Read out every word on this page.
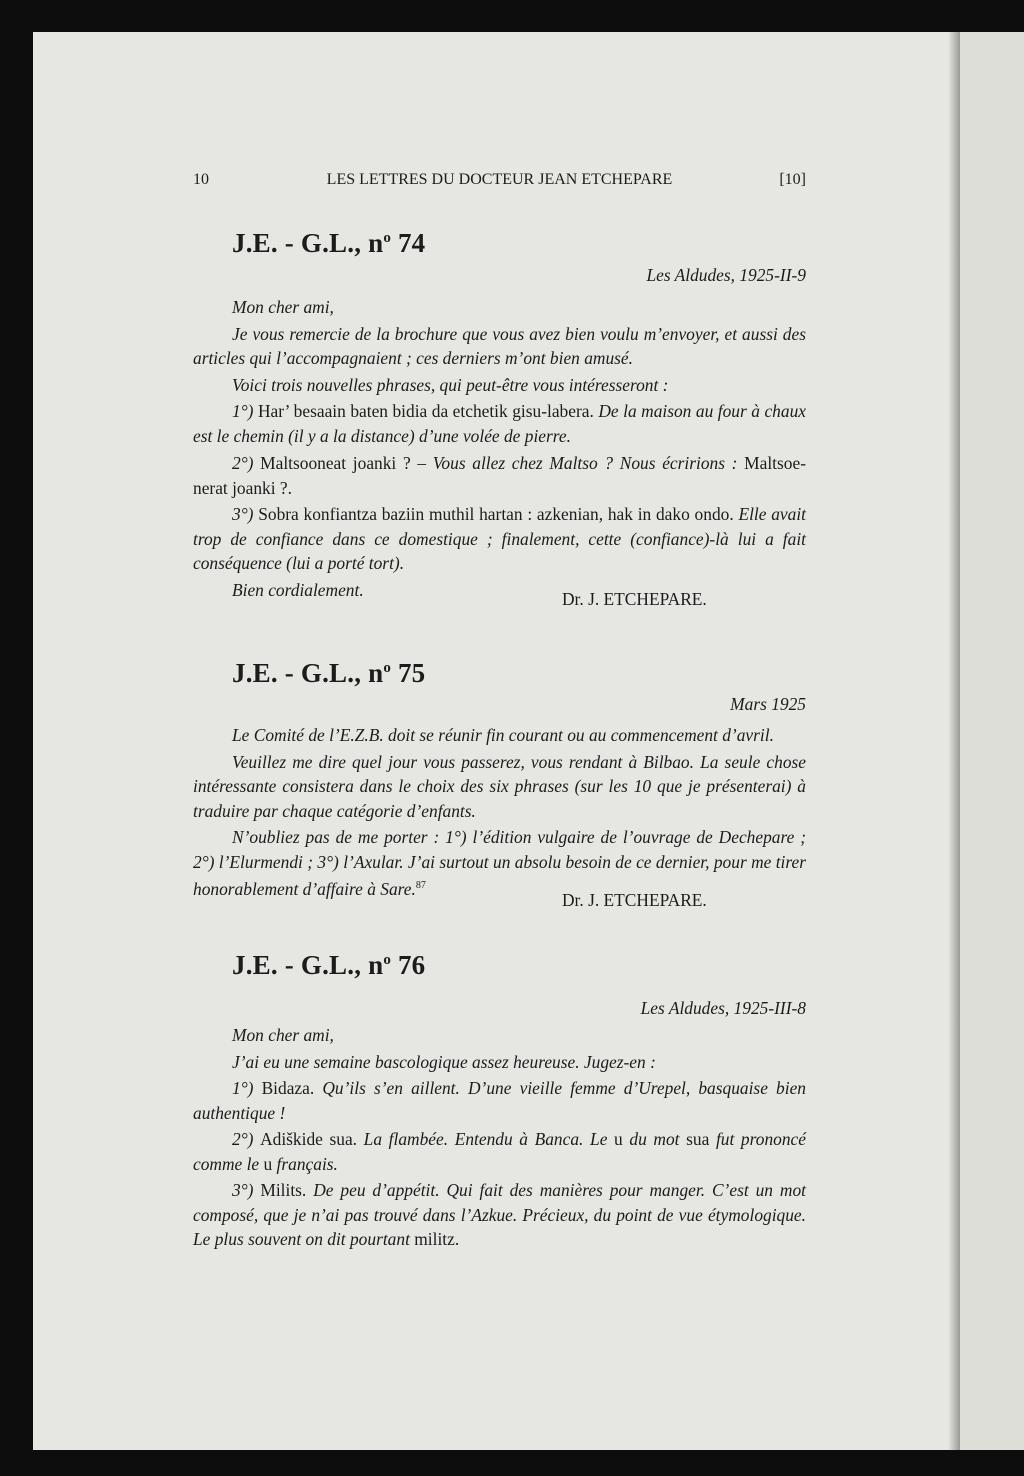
10	LES LETTRES DU DOCTEUR JEAN ETCHEPARE	[10]
J.E. - G.L., $n^o$ 74
Les Aldudes, 1925-II-9

Mon cher ami,

Je vous remercie de la brochure que vous avez bien voulu m’envoyer, et aussi des articles qui l’accompagnaient ; ces derniers m’ont bien amusé.

Voici trois nouvelles phrases, qui peut-être vous intéresseront :

1°) Har’ besaain baten bidia da etchetik gisu-labera. De la maison au four à chaux est le chemin (il y a la distance) d’une volée de pierre.

2°) Maltsooneat joanki ? – Vous allez chez Maltso ? Nous écririons : Maltsoe-nerat joanki ?.

3°) Sobra konfiantza baziin muthil hartan : azkenian, hak in dako ondo. Elle avait trop de confiance dans ce domestique ; finalement, cette (confiance)-là lui a fait conséquence (lui a porté tort).

Bien cordialement.	Dr. J. ETCHEPARE.
J.E. - G.L., $n^o$ 75
Mars 1925

Le Comité de l’E.Z.B. doit se réunir fin courant ou au commencement d’avril.

Veuillez me dire quel jour vous passerez, vous rendant à Bilbao. La seule chose intéressante consistera dans le choix des six phrases (sur les 10 que je présenterai) à traduire par chaque catégorie d’enfants.

N’oubliez pas de me porter : 1°) l’édition vulgaire de l’ouvrage de Dechepare ; 2°) l’Elurmendi ; 3°) l’Axular. J’ai surtout un absolu besoin de ce dernier, pour me tirer honorablement d’affaire à Sare.$^{87}$

Dr. J. ETCHEPARE.
J.E. - G.L., $n^o$ 76
Les Aldudes, 1925-III-8

Mon cher ami,

J’ai eu une semaine bascologique assez heureuse. Jugez-en :

1°) Bidaza. Qu’ils s’en aillent. D’une vieille femme d’Urepel, basquaise bien authentique !

2°) Adiškide sua. La flambée. Entendu à Banca. Le u du mot sua fut prononcé comme le u français.

3°) Milits. De peu d’appétit. Qui fait des manières pour manger. C’est un mot composé, que je n’ai pas trouvé dans l’Azkue. Précieux, du point de vue étymologique. Le plus souvent on dit pourtant militz.
